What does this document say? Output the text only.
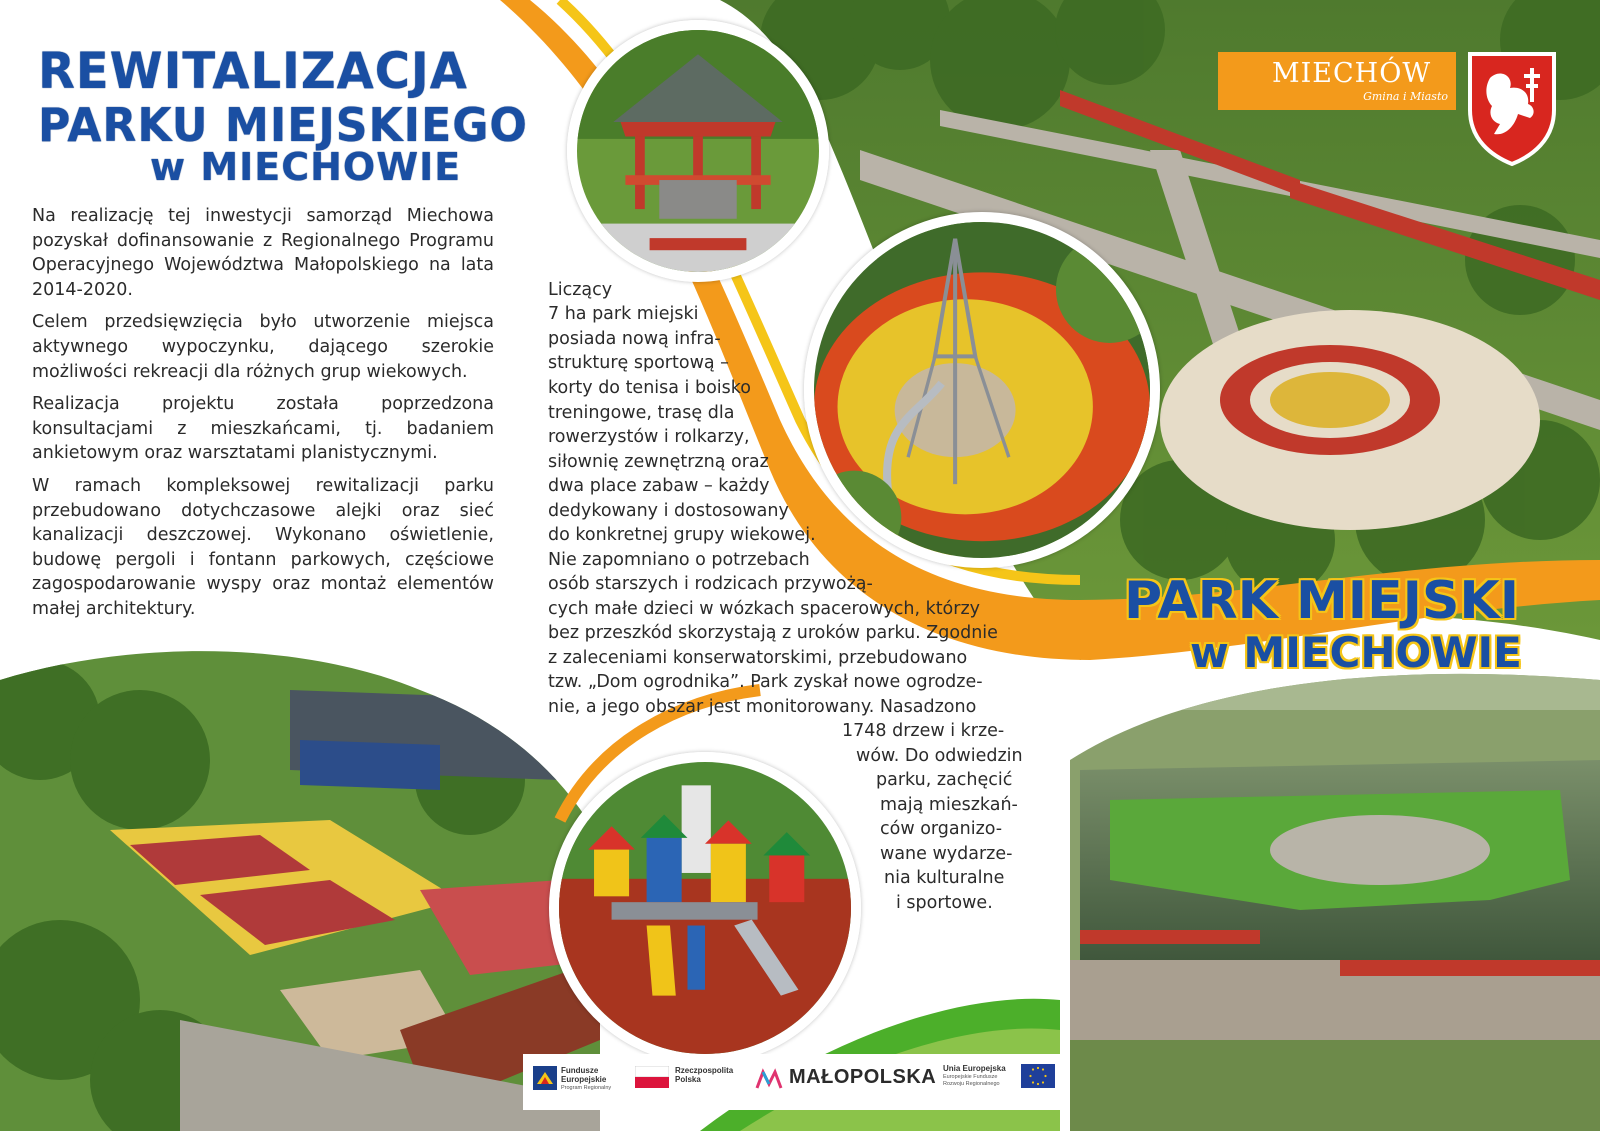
REWITALIZACJA
PARKU MIEJSKIEGO
w MIECHOWIE

Na realizację tej inwestycji samorząd Miechowa pozyskał dofinansowanie z Regionalnego Programu Operacyjnego Województwa Małopolskiego na lata 2014-2020.

Celem przedsięwzięcia było utworzenie miejsca aktywnego wypoczynku, dającego szerokie możliwości rekreacji dla różnych grup wiekowych.

Realizacja projektu została poprzedzona konsultacjami z mieszkańcami, tj. badaniem ankietowym oraz warsztatami planistycznymi.

W ramach kompleksowej rewitalizacji parku przebudowano dotychczasowe alejki oraz sieć kanalizacji deszczowej. Wykonano oświetlenie, budowę pergoli i fontann parkowych, częściowe zagospodarowanie wyspy oraz montaż elementów małej architektury.

Liczący
7 ha park miejski
posiada nową infra-
strukturę sportową –
korty do tenisa i boisko
treningowe, trasę dla
rowerzystów i rolkarzy,
siłownię zewnętrzną oraz
dwa place zabaw – każdy
dedykowany i dostosowany
do konkretnej grupy wiekowej.
Nie zapomniano o potrzebach
osób starszych i rodzicach przywożą-
cych małe dzieci w wózkach spacerowych, którzy
bez przeszkód skorzystają z uroków parku. Zgodnie
z zaleceniami konserwatorskimi, przebudowano
tzw. „Dom ogrodnika”. Park zyskał nowe ogrodze-
nie, a jego obszar jest monitorowany. Nasadzono
1748 drzew i krze-
wów. Do odwiedzin
parku, zachęcić
mają mieszkań-
ców organizo-
wane wydarze-
nia kulturalne
i sportowe.
MIECHÓW
Gmina i Miasto
PARK MIEJSKI
w MIECHOWIE
Fundusze
Europejskie
Program Regionalny
Rzeczpospolita
Polska	MAŁOPOLSKA Unia Europejska
Europejskie Fundusze
Rozwoju Regionalnego
